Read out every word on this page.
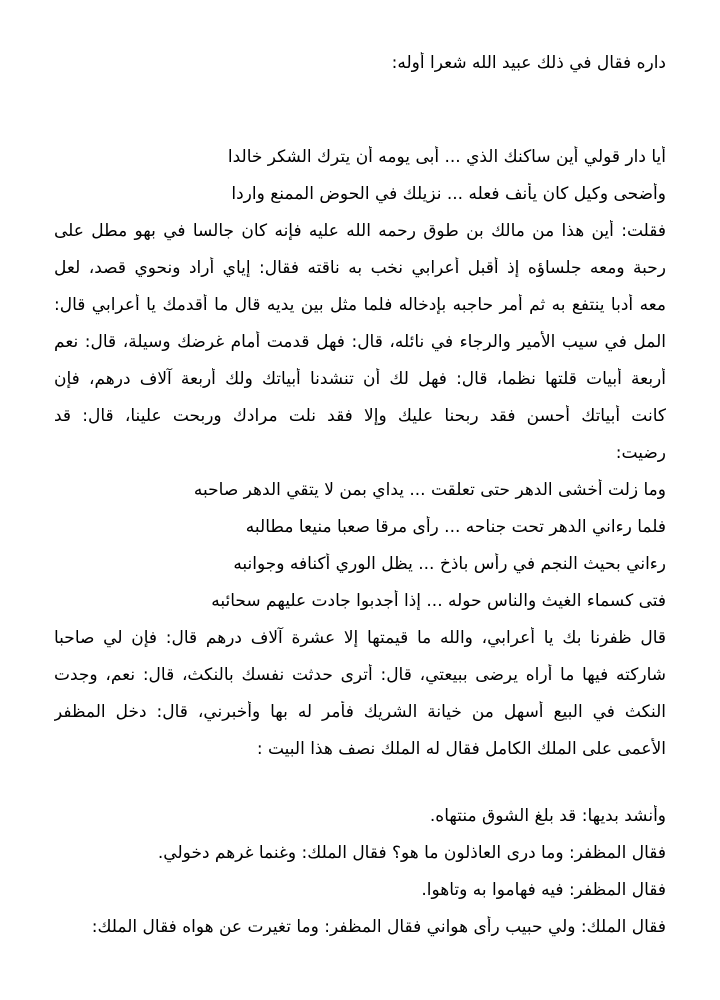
داره فقال في ذلك عبيد الله شعرا أوله:
أيا دار قولي أين ساكنك الذي ... أبى يومه أن يترك الشكر خالدا
وأضحى وكيل كان يأنف فعله ... نزيلك في الحوض الممنع واردا
فقلت: أين هذا من مالك بن طوق رحمه الله عليه فإنه كان جالسا في بهو مطل على
رحبة ومعه جلساؤه إذ أقبل أعرابي نخب به ناقته فقال: إياي أراد ونحوي قصد، لعل
معه أدبا ينتفع به ثم أمر حاجبه بإدخاله فلما مثل بين يديه قال ما أقدمك يا أعرابي قال:
المل في سيب الأمير والرجاء في نائله، قال: فهل قدمت أمام غرضك وسيلة، قال: نعم
أربعة أبيات قلتها نظما، قال: فهل لك أن تنشدنا أبياتك ولك أربعة آلاف درهم، فإن
كانت أبياتك أحسن فقد ربحنا عليك وإلا فقد نلت مرادك وربحت علينا، قال: قد
رضيت:
وما زلت أخشى الدهر حتى تعلقت ... يداي بمن لا يتقي الدهر صاحبه
فلما رءاني الدهر تحت جناحه ... رأى مرقا صعبا منيعا مطالبه
رءاني بحيث النجم في رأس باذخ ... يظل الوري أكنافه وجوانبه
فتى كسماء الغيث والناس حوله ... إذا أجدبوا جادت عليهم سحائبه
قال ظفرنا بك يا أعرابي، والله ما قيمتها إلا عشرة آلاف درهم قال: فإن لي صاحبا
شاركته فيها ما أراه يرضى ببيعتي، قال: أترى حدثت نفسك بالنكث، قال: نعم، وجدت
النكث في البيع أسهل من خيانة الشريك فأمر له بها وأخبرني، قال: دخل المظفر
الأعمى على الملك الكامل فقال له الملك نصف هذا البيت :
وأنشد بديها: قد بلغ الشوق منتهاه.
فقال المظفر: وما درى العاذلون ما هو؟ فقال الملك: وغنما غرهم دخولي.
فقال المظفر: فيه فهاموا به وتاهوا.
فقال الملك: ولي حبيب رأى هواني فقال المظفر: وما تغيرت عن هواه فقال الملك:
